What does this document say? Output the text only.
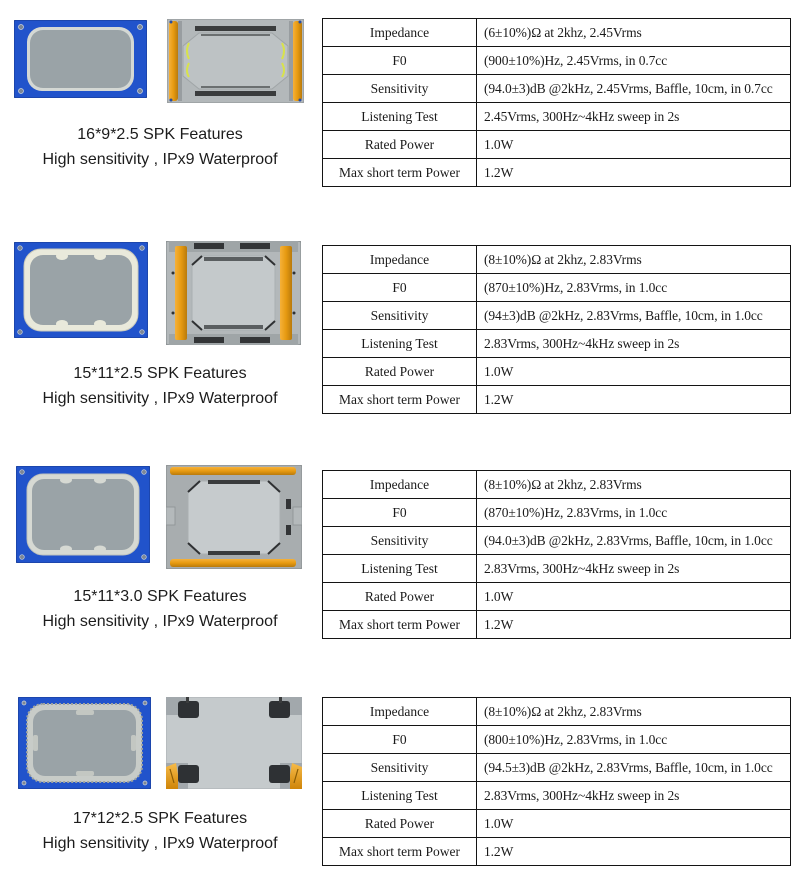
16*9*2.5 SPK Features
High sensitivity , IPx9 Waterproof
Impedance	(6±10%)Ω at 2khz, 2.45Vrms
F0	(900±10%)Hz, 2.45Vrms, in 0.7cc
Sensitivity	(94.0±3)dB @2kHz, 2.45Vrms, Baffle, 10cm, in 0.7cc
Listening Test	2.45Vrms, 300Hz~4kHz sweep in 2s
Rated Power	1.0W
Max short term Power	1.2W
15*11*2.5 SPK Features
High sensitivity , IPx9 Waterproof
Impedance	(8±10%)Ω at 2khz, 2.83Vrms
F0	(870±10%)Hz, 2.83Vrms, in 1.0cc
Sensitivity	(94±3)dB @2kHz, 2.83Vrms, Baffle, 10cm, in 1.0cc
Listening Test	2.83Vrms, 300Hz~4kHz sweep in 2s
Rated Power	1.0W
Max short term Power	1.2W
15*11*3.0 SPK Features
High sensitivity , IPx9 Waterproof
Impedance	(8±10%)Ω at 2khz, 2.83Vrms
F0	(870±10%)Hz, 2.83Vrms, in 1.0cc
Sensitivity	(94.0±3)dB @2kHz, 2.83Vrms, Baffle, 10cm, in 1.0cc
Listening Test	2.83Vrms, 300Hz~4kHz sweep in 2s
Rated Power	1.0W
Max short term Power	1.2W
17*12*2.5 SPK Features
High sensitivity , IPx9 Waterproof
Impedance	(8±10%)Ω at 2khz, 2.83Vrms
F0	(800±10%)Hz, 2.83Vrms, in 1.0cc
Sensitivity	(94.5±3)dB @2kHz, 2.83Vrms, Baffle, 10cm, in 1.0cc
Listening Test	2.83Vrms, 300Hz~4kHz sweep in 2s
Rated Power	1.0W
Max short term Power	1.2W
